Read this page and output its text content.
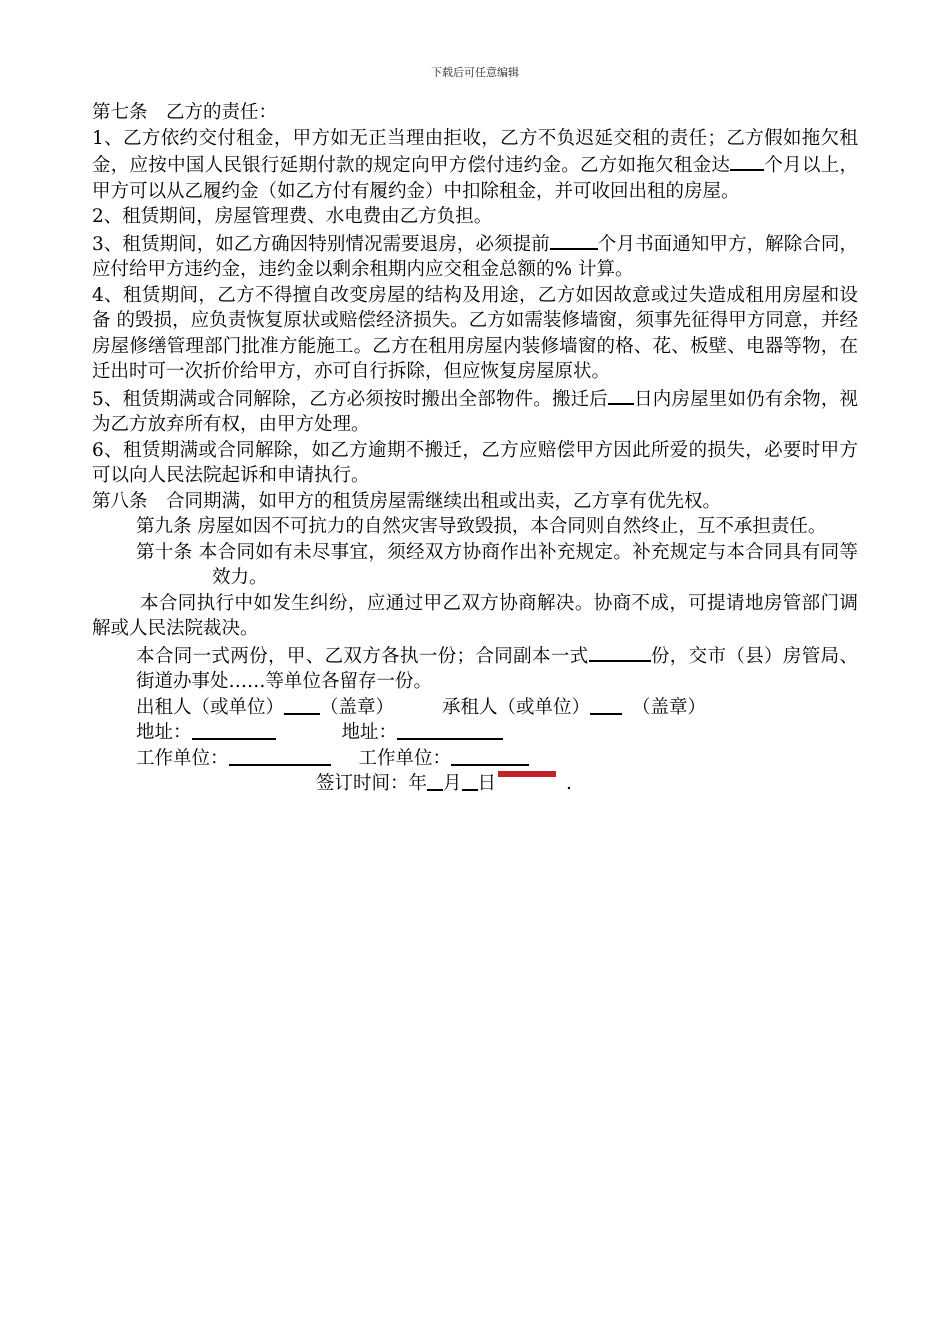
下载后可任意编辑

第七条　乙方的责任：

1、乙方依约交付租金，甲方如无正当理由拒收，乙方不负迟延交租的责任；乙方假如拖欠租金，应按中国人民银行延期付款的规定向甲方偿付违约金。乙方如拖欠租金达 个月以上，甲方可以从乙履约金（如乙方付有履约金）中扣除租金，并可收回出租的房屋。

2、租赁期间，房屋管理费、水电费由乙方负担。

3、租赁期间，如乙方确因特别情况需要退房，必须提前	个月书面通知甲方，解除合同，应付给甲方违约金，违约金以剩余租期内应交租金总额的% 计算。

4、租赁期间，乙方不得擅自改变房屋的结构及用途，乙方如因故意或过失造成租用房屋和设备 的毁损，应负责恢复原状或赔偿经济损失。乙方如需装修墙窗，须事先征得甲方同意，并经房屋修缮管理部门批准方能施工。乙方在租用房屋内装修墙窗的格、花、板壁、电器等物，在迁出时可一次折价给甲方，亦可自行拆除，但应恢复房屋原状。

5、租赁期满或合同解除，乙方必须按时搬出全部物件。搬迁后 日内房屋里如仍有余物，视为乙方放弃所有权，由甲方处理。

6、租赁期满或合同解除，如乙方逾期不搬迁，乙方应赔偿甲方因此所爱的损失，必要时甲方可以向人民法院起诉和申请执行。

第八条　合同期满，如甲方的租赁房屋需继续出租或出卖，乙方享有优先权。

第九条 房屋如因不可抗力的自然灾害导致毁损，本合同则自然终止，互不承担责任。

第十条 本合同如有未尽事宜，须经双方协商作出补充规定。补充规定与本合同具有同等效力。

本合同执行中如发生纠纷，应通过甲乙双方协商解决。协商不成，可提请地房管部门调解或人民法院裁决。

本合同一式两份，甲、乙双方各执一份；合同副本一式	份，交市（县）房管局、街道办事处……等单位各留存一份。

出租人（或单位） （盖章）	承租人（或单位） （盖章）
地址：	地址：
工作单位：	工作单位：
签订时间：年 月 日	.
